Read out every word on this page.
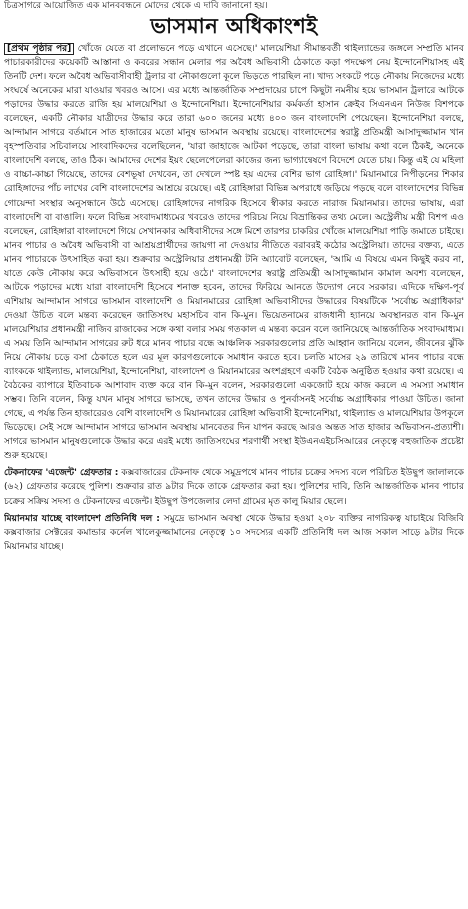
চিত্রসাগরে আয়োজিত এক মানববন্ধনে মোদের থেকে এ দাবি জানানো হয়।
ভাসমান অধিকাংশই

[প্রথম পৃষ্ঠার পর] খোঁজে যেতে বা প্রলোভনে পড়ে এখানে এসেছে।' মালয়েশিয়া সীমান্তবর্তী থাইল্যান্ডের জঙ্গলে সম্প্রতি মানব পাচারকারীদের কয়েকটি আস্তানা ও কবরের সন্ধান মেলার পর অবৈধ অভিবাসী ঠেকাতে কড়া পদক্ষেপ নেয় ইন্দোনেশিয়াসহ এই তিনটি দেশ। ফলে অবৈধ অভিবাসীবাহী ট্রলার বা নৌকাগুলো কূলে ভিড়তে পারছিল না। খাদ্য সংকটে পড়ে নৌকায় নিজেদের মধ্যে সংঘর্ষে অনেকের মারা যাওয়ার খবরও আসে। এর মধ্যে আন্তর্জাতিক সম্প্রদায়ের চাপে কিছুটা নমনীয় হয়ে ভাসমান ট্রলারে আটকে পড়াদের উদ্ধার করতে রাজি হয় মালয়েশিয়া ও ইন্দোনেশিয়া। ইন্দোনেশিয়ার কর্মকর্তা হাসান ক্রেইব সিএনএন নিউজ বিশপকে বলেছেন, একটি নৌকার যাত্রীদের উদ্ধার করে তারা ৬০০ জনের মধ্যে ৪০০ জন বাংলাদেশি পেয়েছেন। ইন্দোনেশিয়া বলছে, আন্দামান সাগরে বর্তমানে সাত হাজারের মতো মানুষ ভাসমান অবস্থায় রয়েছে। বাংলাদেশের স্বরাষ্ট্র প্রতিমন্ত্রী আসাদুজ্জামান খান বৃহস্পতিবার সচিবালয়ে সাংবাদিকদের বলেছিলেন, 'যারা জাহাজে আটকা পড়েছে, তারা বাংলা ভাষায় কথা বলে ঠিকই, অনেকে বাংলাদেশি বলছে, তাও ঠিক। আমাদের দেশের ইয়ং ছেলেপেলেরা কাজের জন্য ভাগ্যান্বেষণে বিদেশে যেতে চায়। কিন্তু এই যে মহিলা ও বাচ্চা-কাচ্চা গিয়েছে, তাদের বেশভূষা দেখবেন, তা দেখলে স্পষ্ট হয় এদের বেশির ভাগ রোহিঙ্গা।' মিয়ানমারে নিপীড়নের শিকার রোহিঙ্গাদের পাঁচ লাখের বেশি বাংলাদেশের আশ্রয়ে রয়েছে। এই রোহিঙ্গারা বিভিন্ন অপরাধে জড়িয়ে পড়ছে বলে বাংলাদেশের বিভিন্ন গোয়েন্দা সংস্থার অনুসন্ধানে উঠে এসেছে। রোহিঙ্গাদের নাগরিক হিসেবে স্বীকার করতে নারাজ মিয়ানমার। তাদের ভাষায়, এরা বাংলাদেশি বা বাঙালি। ফলে বিভিন্ন সংবাদমাধ্যমের খবরেও তাদের পরিচয় নিয়ে বিভ্রান্তিকর তথ্য মেলে। অস্ট্রেলীয় মন্ত্রী বিশপ এও বলেছেন, রোহিঙ্গারা বাংলাদেশে গিয়ে সেখানকার অধিবাসীদের সঙ্গে মিশে তারপর চাকরির খোঁজে মালয়েশিয়া পাড়ি জমাতে চাইছে। মানব পাচার ও অবৈধ অভিবাসী বা আশ্রয়প্রার্থীদের জায়গা না দেওয়ার নীতিতে বরাবরই কঠোর অস্ট্রেলিয়া। তাদের বক্তব্য, এতে মানব পাচারকে উৎসাহিত করা হয়। শুক্রবার অস্ট্রেলিয়ার প্রধানমন্ত্রী টনি অ্যাবোট বলেছেন, 'আমি এ বিষয়ে এমন কিছুই করব না, যাতে কেউ নৌকায় করে অভিবাসনে উৎসাহী হয়ে ওঠে।' বাংলাদেশের স্বরাষ্ট্র প্রতিমন্ত্রী আসাদুজ্জামান কামাল অবশ্য বলেছেন, আটকে পড়াদের মধ্যে যারা বাংলাদেশি হিসেবে শনাক্ত হবেন, তাদের ফিরিয়ে আনতে উদ্যোগ নেবে সরকার। এদিকে দক্ষিণ-পূর্ব এশিয়ায় আন্দামান সাগরে ভাসমান বাংলাদেশি ও মিয়ানমারের রোহিঙ্গা অভিবাসীদের উদ্ধারের বিষয়টিকে 'সর্বোচ্চ অগ্রাধিকার' দেওয়া উচিত বলে মন্তব্য করেছেন জাতিসংঘ মহাসচিব বান কি-মুন। ভিয়েতনামের রাজধানী হ্যানয়ে অবস্থানরত বান কি-মুন মালয়েশিয়ার প্রধানমন্ত্রী নাজিব রাজাকের সঙ্গে কথা বলার সময় গতকাল এ মন্তব্য করেন বলে জানিয়েছে আন্তর্জাতিক সংবাদমাধ্যম। এ সময় তিনি আন্দামান সাগরের রুট ধরে মানব পাচার বন্ধে আঞ্চলিক সরকারগুলোর প্রতি আহ্বান জানিয়ে বলেন, জীবনের ঝুঁকি নিয়ে নৌকায় চড়ে বসা ঠেকাতে হলে এর মূল কারণগুলোকে সমাধান করতে হবে। চলতি মাসের ২৯ তারিখে মানব পাচার বন্ধে ব্যাংককে থাইল্যান্ড, মালয়েশিয়া, ইন্দোনেশিয়া, বাংলাদেশ ও মিয়ানমারের অংশগ্রহণে একটি বৈঠক অনুষ্ঠিত হওয়ার কথা রয়েছে। এ বৈঠকের ব্যাপারে ইতিবাচক আশাবাদ ব্যক্ত করে বান কি-মুন বলেন, সরকারগুলো একজোট হয়ে কাজ করলে এ সমস্যা সমাধান সম্ভব। তিনি বলেন, কিন্তু যখন মানুষ সাগরে ভাসছে, তখন তাদের উদ্ধার ও পুনর্বাসনই সর্বোচ্চ অগ্রাধিকার পাওয়া উচিত। জানা গেছে, এ পর্যন্ত তিন হাজারেরও বেশি বাংলাদেশি ও মিয়ানমারের রোহিঙ্গা অভিবাসী ইন্দোনেশিয়া, থাইল্যান্ড ও মালয়েশিয়ার উপকূলে ভিড়েছে। সেই সঙ্গে আন্দামান সাগরে ভাসমান অবস্থায় মানবেতর দিন যাপন করছে আরও অন্তত সাত হাজার অভিবাসন-প্রত্যাশী। সাগরে ভাসমান মানুষগুলোকে উদ্ধার করে এরই মধ্যে জাতিসংঘের শরণার্থী সংস্থা ইউএনএইচসিআরের নেতৃত্বে বহুজাতিক প্রচেষ্টা শুরু হয়েছে।

টেকনাফের 'এজেন্ট' গ্রেফতার : কক্সবাজারের টেকনাফ থেকে সমুদ্রপথে মানব পাচার চক্রের সদস্য বলে পরিচিত ইউছুপ জালালকে (৬২) গ্রেফতার করেছে পুলিশ। শুক্রবার রাত ৯টার দিকে তাকে গ্রেফতার করা হয়। পুলিশের দাবি, তিনি আন্তর্জাতিক মানব পাচার চক্রের সক্রিয় সদস্য ও টেকনাফের এজেন্ট। ইউছুপ উপজেলার লেদা গ্রামের মৃত কালু মিয়ার ছেলে।

মিয়ানমার যাচ্ছে বাংলাদেশ প্রতিনিধি দল : সমুদ্রে ভাসমান অবস্থা থেকে উদ্ধার হওয়া ২০৮ ব্যক্তির নাগরিকত্ব যাচাইয়ে বিজিবি কক্সবাজার সেক্টরের কমান্ডার কর্নেল খালেকুজ্জামানের নেতৃত্বে ১০ সদস্যের একটি প্রতিনিধি দল আজ সকাল সাড়ে ৯টার দিকে মিয়ানমার যাচ্ছে।
